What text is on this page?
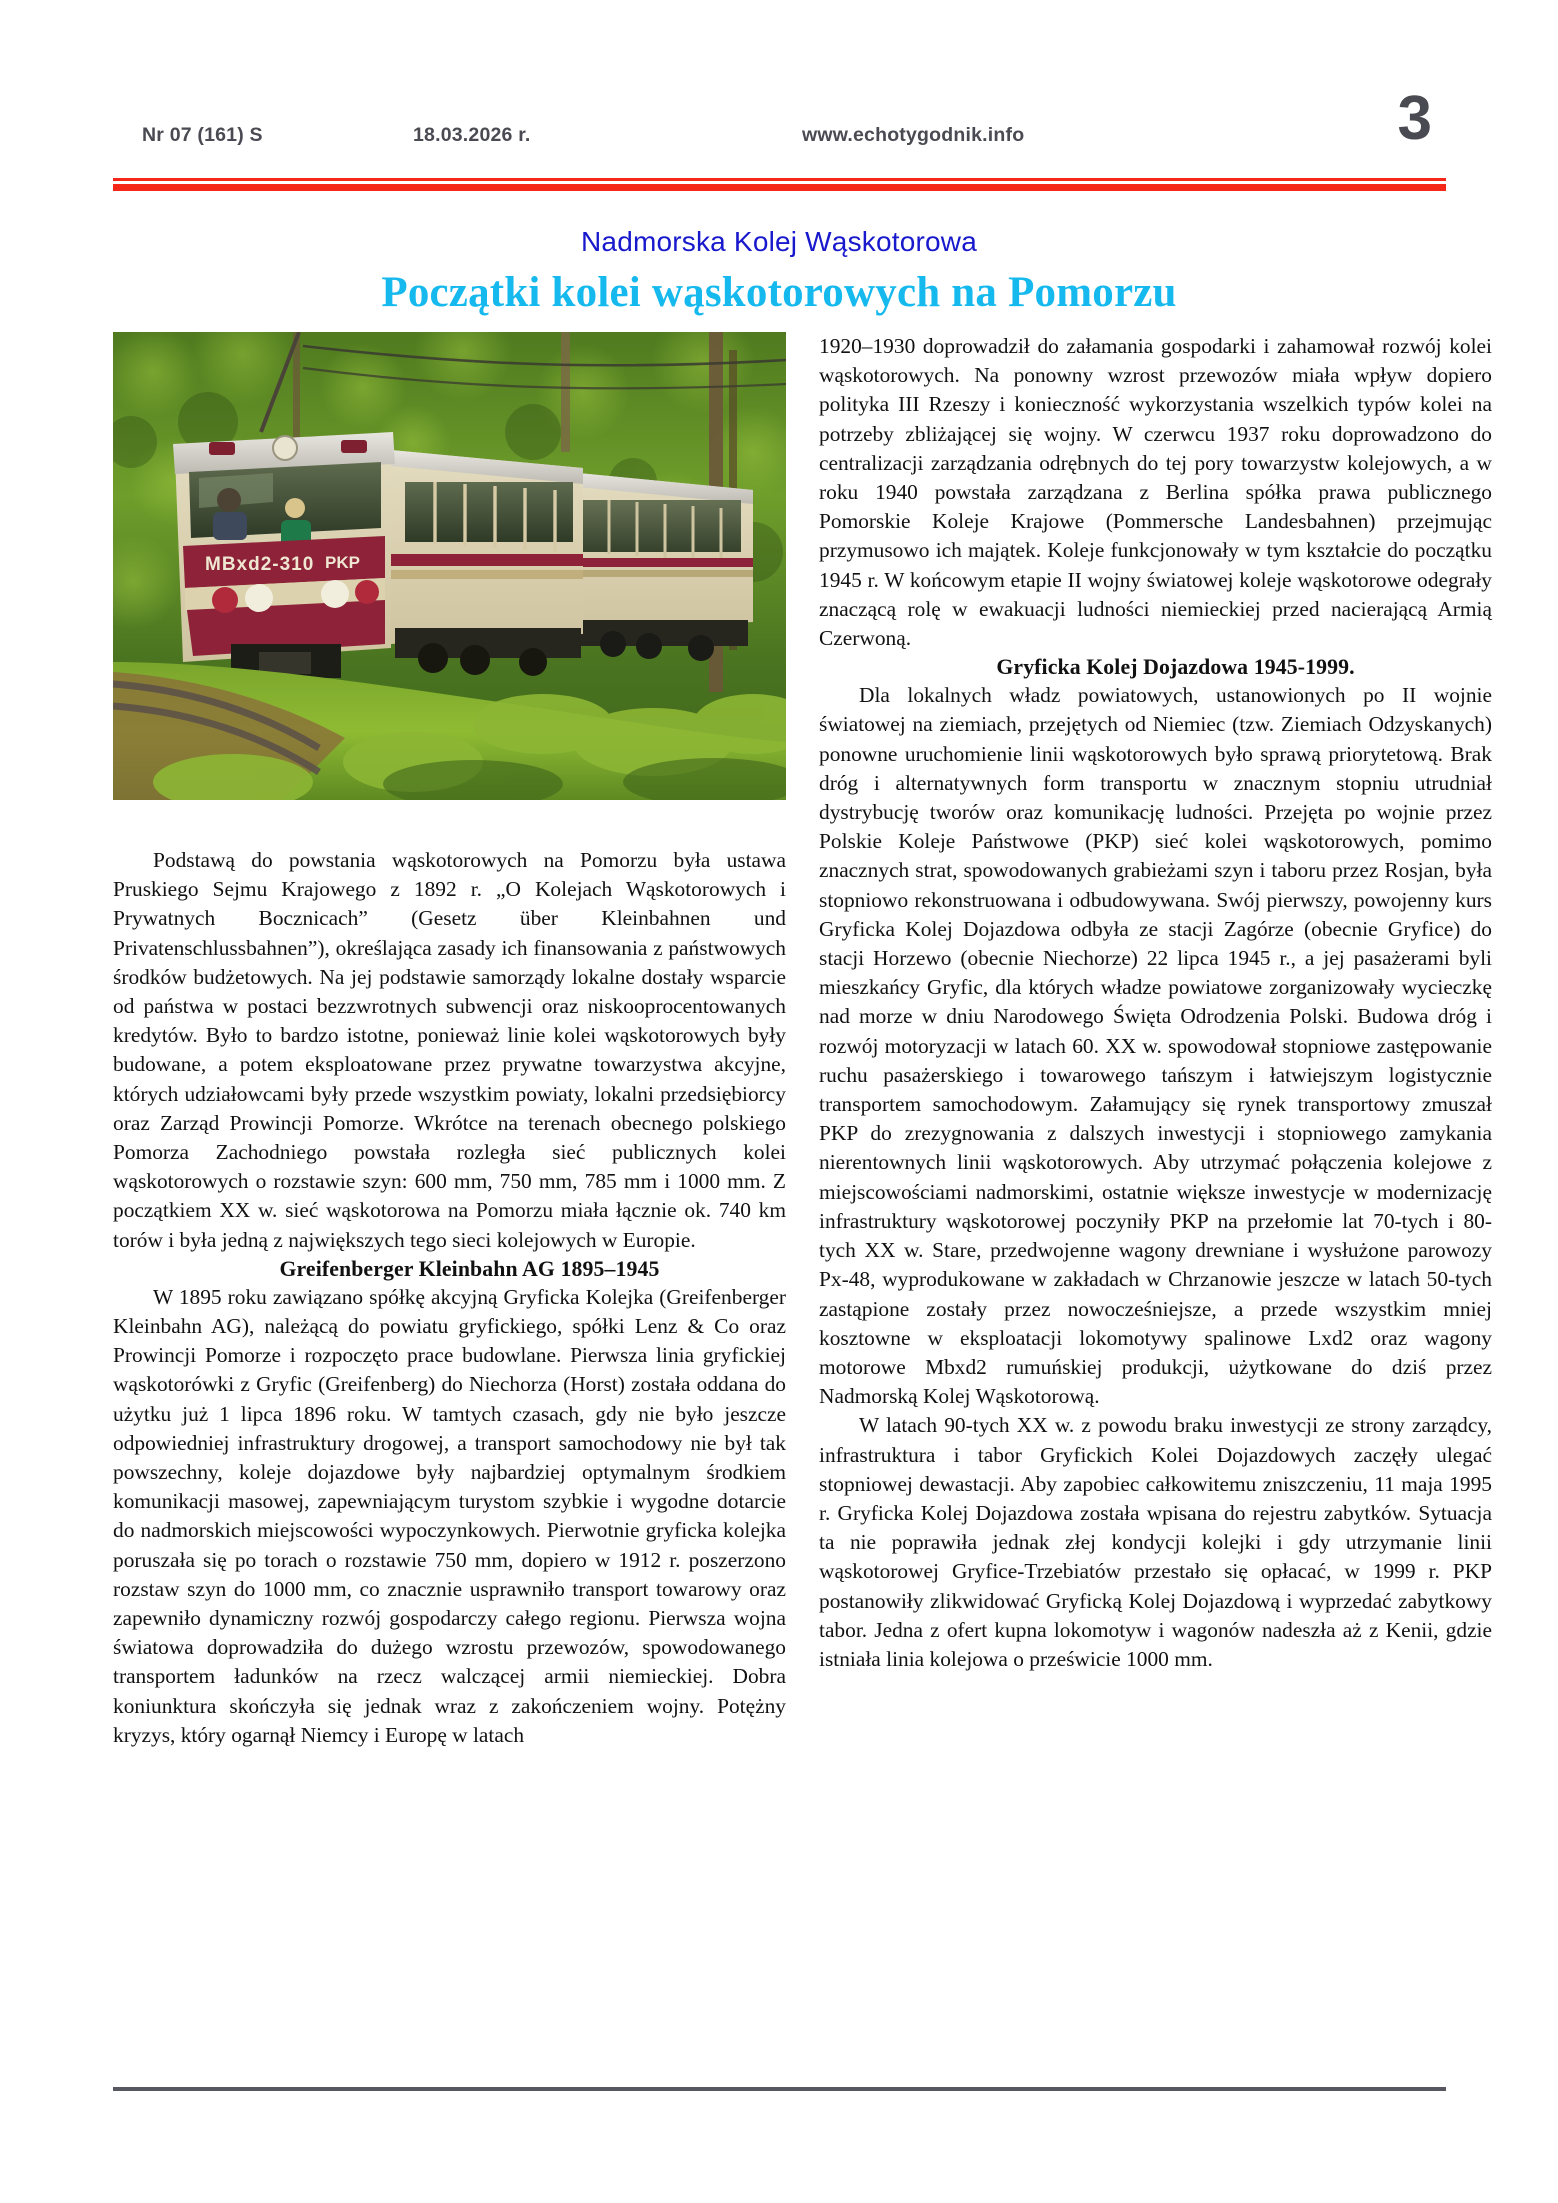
Nr 07 (161) S	18.03.2026 r.	www.echotygodnik.info	3
Nadmorska Kolej Wąskotorowa
Początki kolei wąskotorowych na Pomorzu
MBxd2-310 PKP

Podstawą do powstania wąskotorowych na Pomorzu była ustawa Pruskiego Sejmu Krajowego z 1892 r. „O Kolejach Wąskotorowych i Prywatnych Bocznicach” (Gesetz über Kleinbahnen und Privatenschlussbahnen”), określająca zasady ich finansowania z państwowych środków budżetowych. Na jej podstawie samorządy lokalne dostały wsparcie od państwa w postaci bezzwrotnych subwencji oraz niskooprocentowanych kredytów. Było to bardzo istotne, ponieważ linie kolei wąskotorowych były budowane, a potem eksploatowane przez prywatne towarzystwa akcyjne, których udziałowcami były przede wszystkim powiaty, lokalni przedsiębiorcy oraz Zarząd Prowincji Pomorze. Wkrótce na terenach obecnego polskiego Pomorza Zachodniego powstała rozległa sieć publicznych kolei wąskotorowych o rozstawie szyn: 600 mm, 750 mm, 785 mm i 1000 mm. Z początkiem XX w. sieć wąskotorowa na Pomorzu miała łącznie ok. 740 km torów i była jedną z największych tego sieci kolejowych w Europie.

Greifenberger Kleinbahn AG 1895–1945

W 1895 roku zawiązano spółkę akcyjną Gryficka Kolejka (Greifenberger Kleinbahn AG), należącą do powiatu gryfickiego, spółki Lenz & Co oraz Prowincji Pomorze i rozpoczęto prace budowlane. Pierwsza linia gryfickiej wąskotorówki z Gryfic (Greifenberg) do Niechorza (Horst) została oddana do użytku już 1 lipca 1896 roku. W tamtych czasach, gdy nie było jeszcze odpowiedniej infrastruktury drogowej, a transport samochodowy nie był tak powszechny, koleje dojazdowe były najbardziej optymalnym środkiem komunikacji masowej, zapewniającym turystom szybkie i wygodne dotarcie do nadmorskich miejscowości wypoczynkowych. Pierwotnie gryficka kolejka poruszała się po torach o rozstawie 750 mm, dopiero w 1912 r. poszerzono rozstaw szyn do 1000 mm, co znacznie usprawniło transport towarowy oraz zapewniło dynamiczny rozwój gospodarczy całego regionu. Pierwsza wojna światowa doprowadziła do dużego wzrostu przewozów, spowodowanego transportem ładunków na rzecz walczącej armii niemieckiej. Dobra koniunktura skończyła się jednak wraz z zakończeniem wojny. Potężny kryzys, który ogarnął Niemcy i Europę w latach

1920–1930 doprowadził do załamania gospodarki i zahamował rozwój kolei wąskotorowych. Na ponowny wzrost przewozów miała wpływ dopiero polityka III Rzeszy i konieczność wykorzystania wszelkich typów kolei na potrzeby zbliżającej się wojny. W czerwcu 1937 roku doprowadzono do centralizacji zarządzania odrębnych do tej pory towarzystw kolejowych, a w roku 1940 powstała zarządzana z Berlina spółka prawa publicznego Pomorskie Koleje Krajowe (Pommersche Landesbahnen) przejmując przymusowo ich majątek. Koleje funkcjonowały w tym kształcie do początku 1945 r. W końcowym etapie II wojny światowej koleje wąskotorowe odegrały znaczącą rolę w ewakuacji ludności niemieckiej przed nacierającą Armią Czerwoną.

Gryficka Kolej Dojazdowa 1945-1999.

Dla lokalnych władz powiatowych, ustanowionych po II wojnie światowej na ziemiach, przejętych od Niemiec (tzw. Ziemiach Odzyskanych) ponowne uruchomienie linii wąskotorowych było sprawą priorytetową. Brak dróg i alternatywnych form transportu w znacznym stopniu utrudniał dystrybucję tworów oraz komunikację ludności. Przejęta po wojnie przez Polskie Koleje Państwowe (PKP) sieć kolei wąskotorowych, pomimo znacznych strat, spowodowanych grabieżami szyn i taboru przez Rosjan, była stopniowo rekonstruowana i odbudowywana. Swój pierwszy, powojenny kurs Gryficka Kolej Dojazdowa odbyła ze stacji Zagórze (obecnie Gryfice) do stacji Horzewo (obecnie Niechorze) 22 lipca 1945 r., a jej pasażerami byli mieszkańcy Gryfic, dla których władze powiatowe zorganizowały wycieczkę nad morze w dniu Narodowego Święta Odrodzenia Polski. Budowa dróg i rozwój motoryzacji w latach 60. XX w. spowodował stopniowe zastępowanie ruchu pasażerskiego i towarowego tańszym i łatwiejszym logistycznie transportem samochodowym. Załamujący się rynek transportowy zmuszał PKP do zrezygnowania z dalszych inwestycji i stopniowego zamykania nierentownych linii wąskotorowych. Aby utrzymać połączenia kolejowe z miejscowościami nadmorskimi, ostatnie większe inwestycje w modernizację infrastruktury wąskotorowej poczyniły PKP na przełomie lat 70-tych i 80- tych XX w. Stare, przedwojenne wagony drewniane i wysłużone parowozy Px-48, wyprodukowane w zakładach w Chrzanowie jeszcze w latach 50-tych zastąpione zostały przez nowocześniejsze, a przede wszystkim mniej kosztowne w eksploatacji lokomotywy spalinowe Lxd2 oraz wagony motorowe Mbxd2 rumuńskiej produkcji, użytkowane do dziś przez Nadmorską Kolej Wąskotorową.

W latach 90-tych XX w. z powodu braku inwestycji ze strony zarządcy, infrastruktura i tabor Gryfickich Kolei Dojazdowych zaczęły ulegać stopniowej dewastacji. Aby zapobiec całkowitemu zniszczeniu, 11 maja 1995 r. Gryficka Kolej Dojazdowa została wpisana do rejestru zabytków. Sytuacja ta nie poprawiła jednak złej kondycji kolejki i gdy utrzymanie linii wąskotorowej Gryfice-Trzebiatów przestało się opłacać, w 1999 r. PKP postanowiły zlikwidować Gryficką Kolej Dojazdową i wyprzedać zabytkowy tabor. Jedna z ofert kupna lokomotyw i wagonów nadeszła aż z Kenii, gdzie istniała linia kolejowa o prześwicie 1000 mm.
